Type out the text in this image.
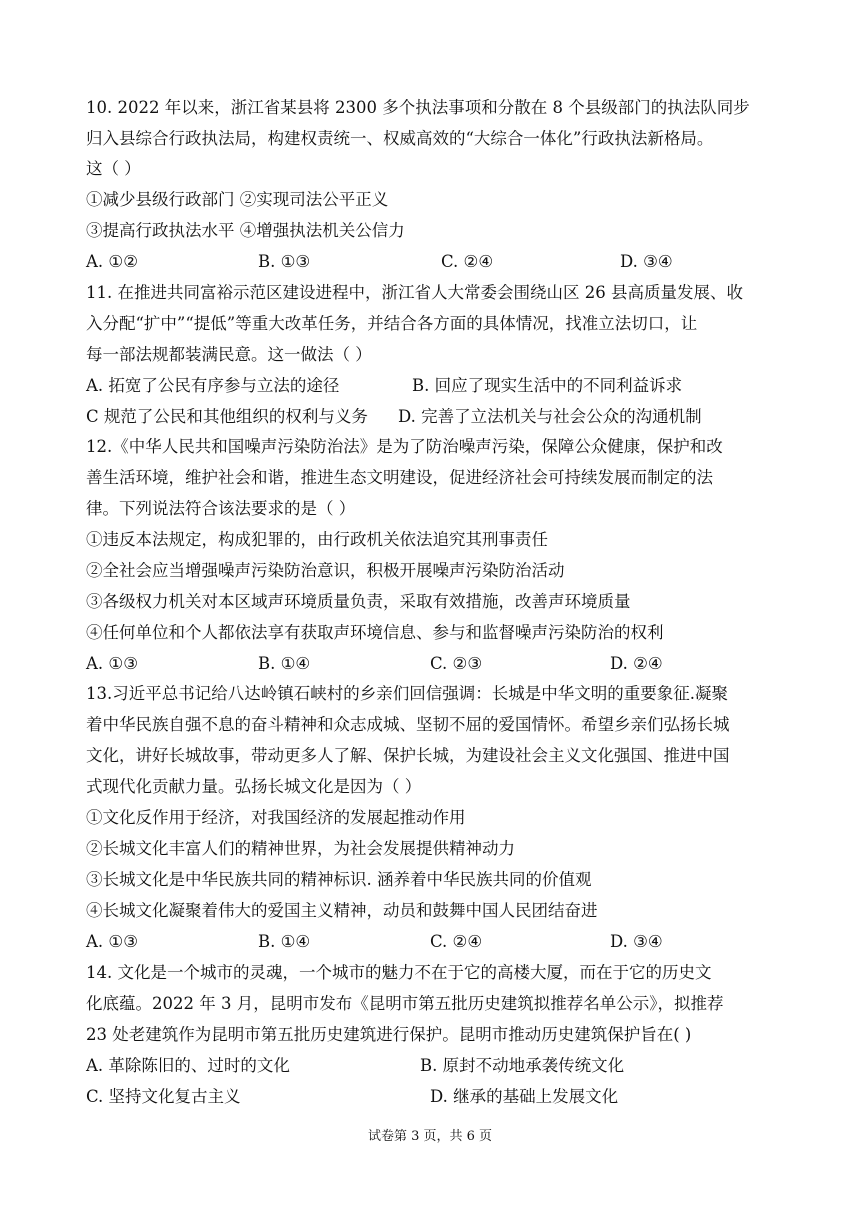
10. 2022 年以来，浙江省某县将 2300 多个执法事项和分散在 8 个县级部门的执法队同步
归入县综合行政执法局，构建权责统一、权威高效的“大综合一体化”行政执法新格局。
这（ ）
①减少县级行政部门 ②实现司法公平正义
③提高行政执法水平 ④增强执法机关公信力
A. ①②	B. ①③	C. ②④	D. ③④
11. 在推进共同富裕示范区建设进程中，浙江省人大常委会围绕山区 26 县高质量发展、收
入分配“扩中”“提低”等重大改革任务，并结合各方面的具体情况，找准立法切口，让
每一部法规都装满民意。这一做法（ ）
A. 拓宽了公民有序参与立法的途径	B. 回应了现实生活中的不同利益诉求
C 规范了公民和其他组织的权利与义务 D. 完善了立法机关与社会公众的沟通机制
12.《中华人民共和国噪声污染防治法》是为了防治噪声污染，保障公众健康，保护和改
善生活环境，维护社会和谐，推进生态文明建设，促进经济社会可持续发展而制定的法
律。下列说法符合该法要求的是（ ）
①违反本法规定，构成犯罪的，由行政机关依法追究其刑事责任
②全社会应当增强噪声污染防治意识，积极开展噪声污染防治活动
③各级权力机关对本区域声环境质量负责，采取有效措施，改善声环境质量
④任何单位和个人都依法享有获取声环境信息、参与和监督噪声污染防治的权利
A. ①③	B. ①④	C. ②③	D. ②④
13.习近平总书记给八达岭镇石峡村的乡亲们回信强调：长城是中华文明的重要象征.凝聚
着中华民族自强不息的奋斗精神和众志成城、坚韧不屈的爱国情怀。希望乡亲们弘扬长城
文化，讲好长城故事，带动更多人了解、保护长城，为建设社会主义文化强国、推进中国
式现代化贡献力量。弘扬长城文化是因为（ ）
①文化反作用于经济，对我国经济的发展起推动作用
②长城文化丰富人们的精神世界，为社会发展提供精神动力
③长城文化是中华民族共同的精神标识. 涵养着中华民族共同的价值观
④长城文化凝聚着伟大的爱国主义精神，动员和鼓舞中国人民团结奋进
A. ①③	B. ①④	C. ②④	D. ③④
14. 文化是一个城市的灵魂，一个城市的魅力不在于它的高楼大厦，而在于它的历史文
化底蕴。2022 年 3 月，昆明市发布《昆明市第五批历史建筑拟推荐名单公示》，拟推荐
23 处老建筑作为昆明市第五批历史建筑进行保护。昆明市推动历史建筑保护旨在( )
A. 革除陈旧的、过时的文化	B. 原封不动地承袭传统文化
C. 坚持文化复古主义	D. 继承的基础上发展文化
试卷第 3 页，共 6 页
